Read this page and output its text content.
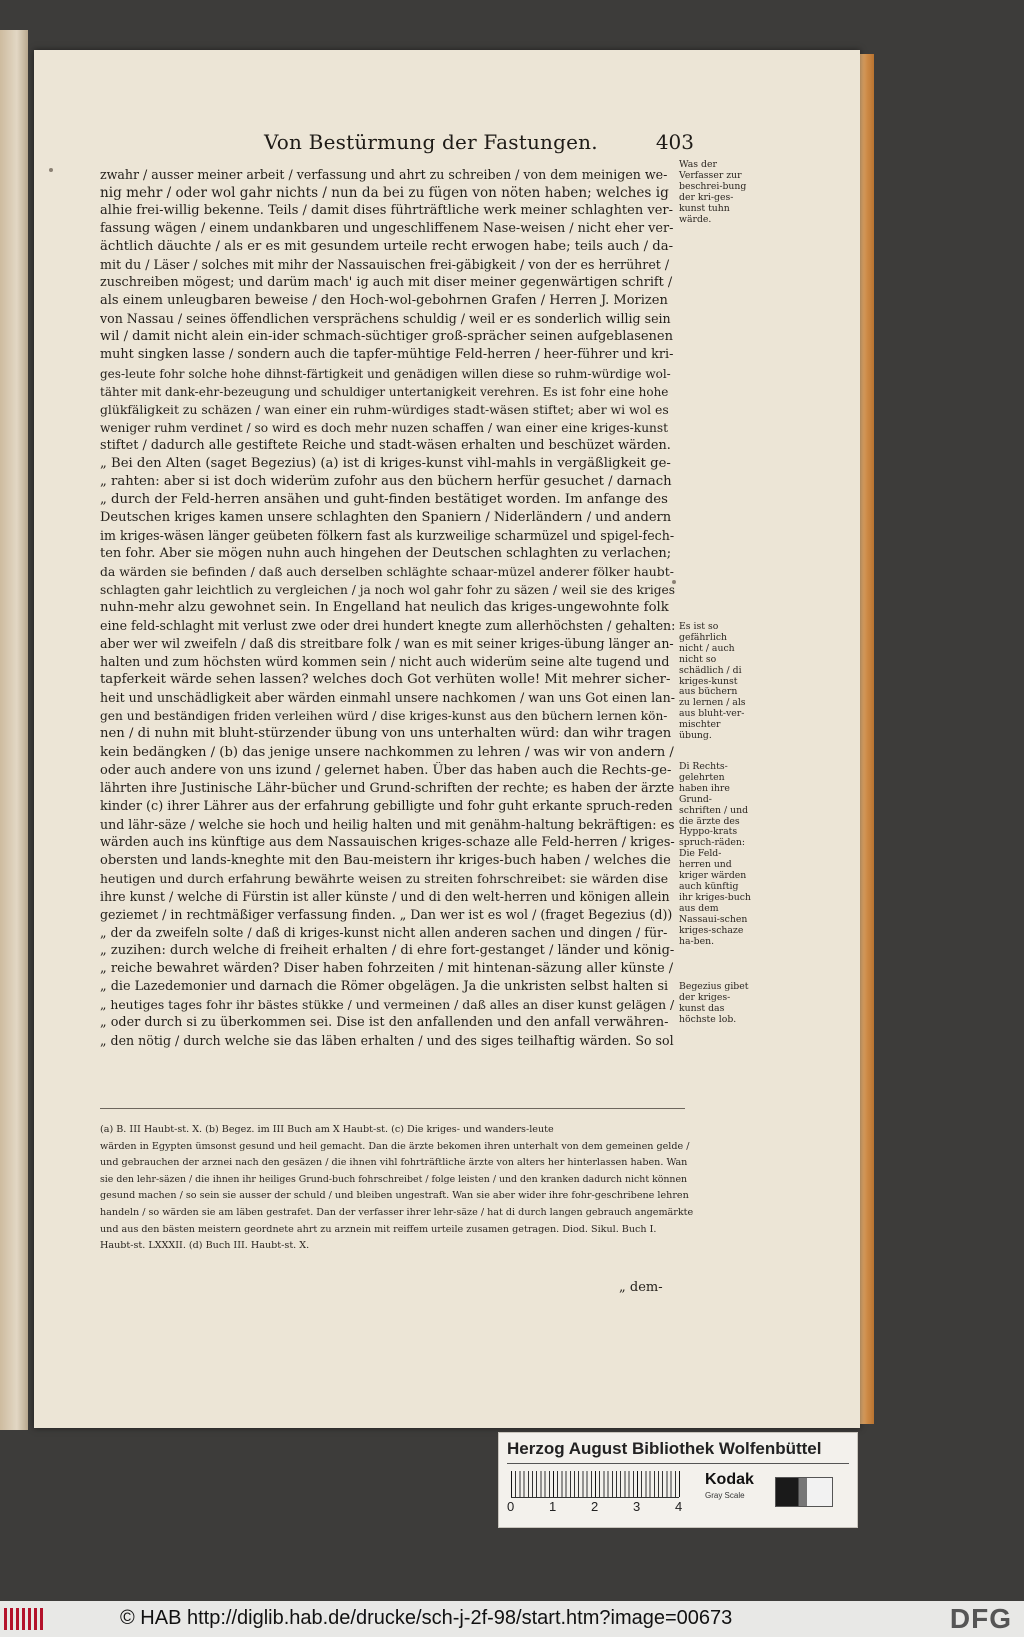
Von Bestürmung der Fastungen.	403

zwahr / ausser meiner arbeit / verfassung und ahrt zu schreiben / von dem meinigen we-

nig mehr / oder wol gahr nichts / nun da bei zu fügen von nöten haben; welches ig

alhie frei-willig bekenne. Teils / damit dises führträftliche werk meiner schlaghten ver-

fassung wägen / einem undankbaren und ungeschliffenem Nase-weisen / nicht eher ver-

ächtlich däuchte / als er es mit gesundem urteile recht erwogen habe; teils auch / da-

mit du / Läser / solches mit mihr der Nassauischen frei-gäbigkeit / von der es herrühret /

zuschreiben mögest; und darüm mach' ig auch mit diser meiner gegenwärtigen schrift /

als einem unleugbaren beweise / den Hoch-wol-gebohrnen Grafen / Herren J. Morizen

von Nassau / seines öffendlichen versprächens schuldig / weil er es sonderlich willig sein

wil / damit nicht alein ein-ider schmach-süchtiger groß-sprächer seinen aufgeblasenen

muht singken lasse / sondern auch die tapfer-mühtige Feld-herren / heer-führer und kri-

ges-leute fohr solche hohe dihnst-färtigkeit und genädigen willen diese so ruhm-würdige wol-

tähter mit dank-ehr-bezeugung und schuldiger untertanigkeit verehren. Es ist fohr eine hohe

glükfäligkeit zu schäzen / wan einer ein ruhm-würdiges stadt-wäsen stiftet; aber wi wol es

weniger ruhm verdinet / so wird es doch mehr nuzen schaffen / wan einer eine kriges-kunst

stiftet / dadurch alle gestiftete Reiche und stadt-wäsen erhalten und beschüzet wärden.

„ Bei den Alten (saget Begezius) (a) ist di kriges-kunst vihl-mahls in vergäßligkeit ge-

„ rahten: aber si ist doch widerüm zufohr aus den büchern herfür gesuchet / darnach

„ durch der Feld-herren ansähen und guht-finden bestätiget worden. Im anfange des

Deutschen kriges kamen unsere schlaghten den Spaniern / Niderländern / und andern

im kriges-wäsen länger geübeten fölkern fast als kurzweilige scharmüzel und spigel-fech-

ten fohr. Aber sie mögen nuhn auch hingehen der Deutschen schlaghten zu verlachen;

da wärden sie befinden / daß auch derselben schläghte schaar-müzel anderer fölker haubt-

schlagten gahr leichtlich zu vergleichen / ja noch wol gahr fohr zu säzen / weil sie des kriges

nuhn-mehr alzu gewohnet sein. In Engelland hat neulich das kriges-ungewohnte folk

eine feld-schlaght mit verlust zwe oder drei hundert knegte zum allerhöchsten / gehalten:

aber wer wil zweifeln / daß dis streitbare folk / wan es mit seiner kriges-übung länger an-

halten und zum höchsten würd kommen sein / nicht auch widerüm seine alte tugend und

tapferkeit wärde sehen lassen? welches doch Got verhüten wolle! Mit mehrer sicher-

heit und unschädligkeit aber wärden einmahl unsere nachkomen / wan uns Got einen lan-

gen und beständigen friden verleihen würd / dise kriges-kunst aus den büchern lernen kön-

nen / di nuhn mit bluht-stürzender übung von uns unterhalten würd: dan wihr tragen

kein bedängken / (b) das jenige unsere nachkommen zu lehren / was wir von andern /

oder auch andere von uns izund / gelernet haben. Über das haben auch die Rechts-ge-

lährten ihre Justinische Lähr-bücher und Grund-schriften der rechte; es haben der ärzte

kinder (c) ihrer Lährer aus der erfahrung gebilligte und fohr guht erkante spruch-reden

und lähr-säze / welche sie hoch und heilig halten und mit genähm-haltung bekräftigen: es

wärden auch ins künftige aus dem Nassauischen kriges-schaze alle Feld-herren / kriges-

obersten und lands-kneghte mit den Bau-meistern ihr kriges-buch haben / welches die

heutigen und durch erfahrung bewährte weisen zu streiten fohrschreibet: sie wärden dise

ihre kunst / welche di Fürstin ist aller künste / und di den welt-herren und königen allein

geziemet / in rechtmäßiger verfassung finden. „ Dan wer ist es wol / (fraget Begezius (d))

„ der da zweifeln solte / daß di kriges-kunst nicht allen anderen sachen und dingen / für-

„ zuzihen: durch welche di freiheit erhalten / di ehre fort-gestanget / länder und könig-

„ reiche bewahret wärden? Diser haben fohrzeiten / mit hintenan-säzung aller künste /

„ die Lazedemonier und darnach die Römer obgelägen. Ja die unkristen selbst halten si

„ heutiges tages fohr ihr bästes stükke / und vermeinen / daß alles an diser kunst gelägen /

„ oder durch si zu überkommen sei. Dise ist den anfallenden und den anfall verwähren-

„ den nötig / durch welche sie das läben erhalten / und des siges teilhaftig wärden. So sol

Was der Verfasser zur beschrei-bung der kri-ges-kunst tuhn wärde.
Es ist so gefährlich nicht / auch nicht so schädlich / di kriges-kunst aus büchern zu lernen / als aus bluht-ver-mischter übung.
Di Rechts-gelehrten haben ihre Grund-schriften / und die ärzte des Hyppo-krats spruch-räden: Die Feld-herren und kriger wärden auch künftig ihr kriges-buch aus dem Nassaui-schen kriges-schaze ha-ben.
Begezius gibet der kriges-kunst das höchste lob.
(a) B. III Haubt-st. X. (b) Begez. im III Buch am X Haubt-st. (c) Die kriges- und wanders-leute
wärden in Egypten ümsonst gesund und heil gemacht. Dan die ärzte bekomen ihren unterhalt von dem gemeinen gelde /
und gebrauchen der arznei nach den gesäzen / die ihnen vihl fohrträftliche ärzte von alters her hinterlassen haben. Wan
sie den lehr-säzen / die ihnen ihr heiliges Grund-buch fohrschreibet / folge leisten / und den kranken dadurch nicht können
gesund machen / so sein sie ausser der schuld / und bleiben ungestraft. Wan sie aber wider ihre fohr-geschribene lehren
handeln / so wärden sie am läben gestrafet. Dan der verfasser ihrer lehr-säze / hat di durch langen gebrauch angemärkte
und aus den bästen meistern geordnete ahrt zu arznein mit reiffem urteile zusamen getragen. Diod. Sikul. Buch I.
Haubt-st. LXXXII. (d) Buch III. Haubt-st. X.
„ dem-
Herzog August Bibliothek Wolfenbüttel
0	1	2	3	4
Kodak
Gray Scale
© HAB http://diglib.hab.de/drucke/sch-j-2f-98/start.htm?image=00673	DFG
